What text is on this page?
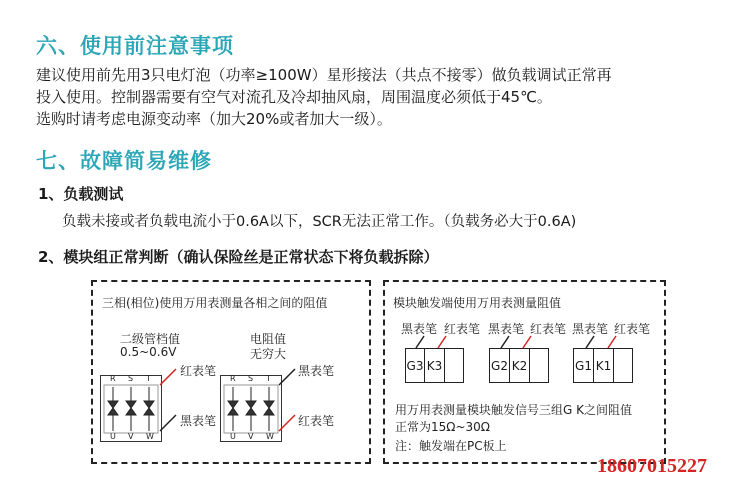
六、使用前注意事项
建议使用前先用3只电灯泡（功率≥100W）星形接法（共点不接零）做负载调试正常再
投入使用。控制器需要有空气对流孔及冷却抽风扇，周围温度必须低于45℃。
选购时请考虑电源变动率（加大20%或者加大一级）。
七、故障简易维修
1、负载测试
负载未接或者负载电流小于0.6A以下，SCR无法正常工作。（负载务必大于0.6A)
2、模块组正常判断（确认保险丝是正常状态下将负载拆除）
三相(相位)使用万用表测量各相之间的阻值
二级管档值
0.5~0.6V
电阻值
无穷大
R S T
U V W
红表笔
黑表笔
R S T
U V W
黑表笔
红表笔
模块触发端使用万用表测量阻值
黑表笔 红表笔 黑表笔 红表笔 黑表笔 红表笔
G3 K3	G2 K2	G1 K1
用万用表测量模块触发信号三组G K之间阻值
正常为15Ω~30Ω
注：触发端在PC板上
18607015227
